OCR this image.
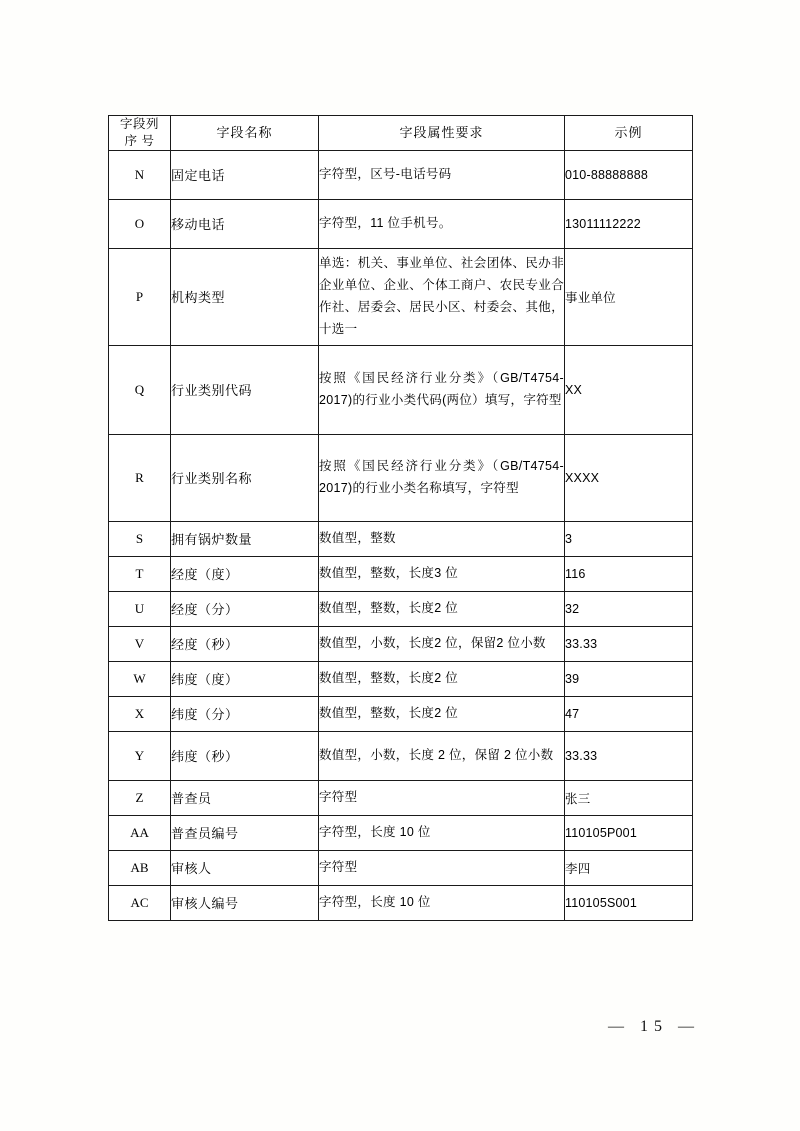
字段列
序 号	字段名称	字段属性要求	示例
N	固定电话	字符型，区号-电话号码	010-88888888
O	移动电话	字符型，11 位手机号。	13011112222
P	机构类型	单选：机关、事业单位、社会团体、民办非企业单位、企业、个体工商户、农民专业合作社、居委会、居民小区、村委会、其他，十选一	事业单位
Q	行业类别代码	按照《国民经济行业分类》（GB/T4754-2017)的行业小类代码(两位）填写，字符型	XX
R	行业类别名称	按照《国民经济行业分类》（GB/T4754-2017)的行业小类名称填写，字符型	XXXX
S	拥有锅炉数量	数值型，整数	3
T	经度（度）	数值型，整数，长度3 位	116
U	经度（分）	数值型，整数，长度2 位	32
V	经度（秒）	数值型，小数，长度2 位，保留2 位小数	33.33
W	纬度（度）	数值型，整数，长度2 位	39
X	纬度（分）	数值型，整数，长度2 位	47
Y	纬度（秒）	数值型，小数，长度 2 位，保留 2 位小数	33.33
Z	普查员	字符型	张三
AA	普查员编号	字符型，长度 10 位	110105P001
AB	审核人	字符型	李四
AC	审核人编号	字符型，长度 10 位	110105S001
— 15 —
